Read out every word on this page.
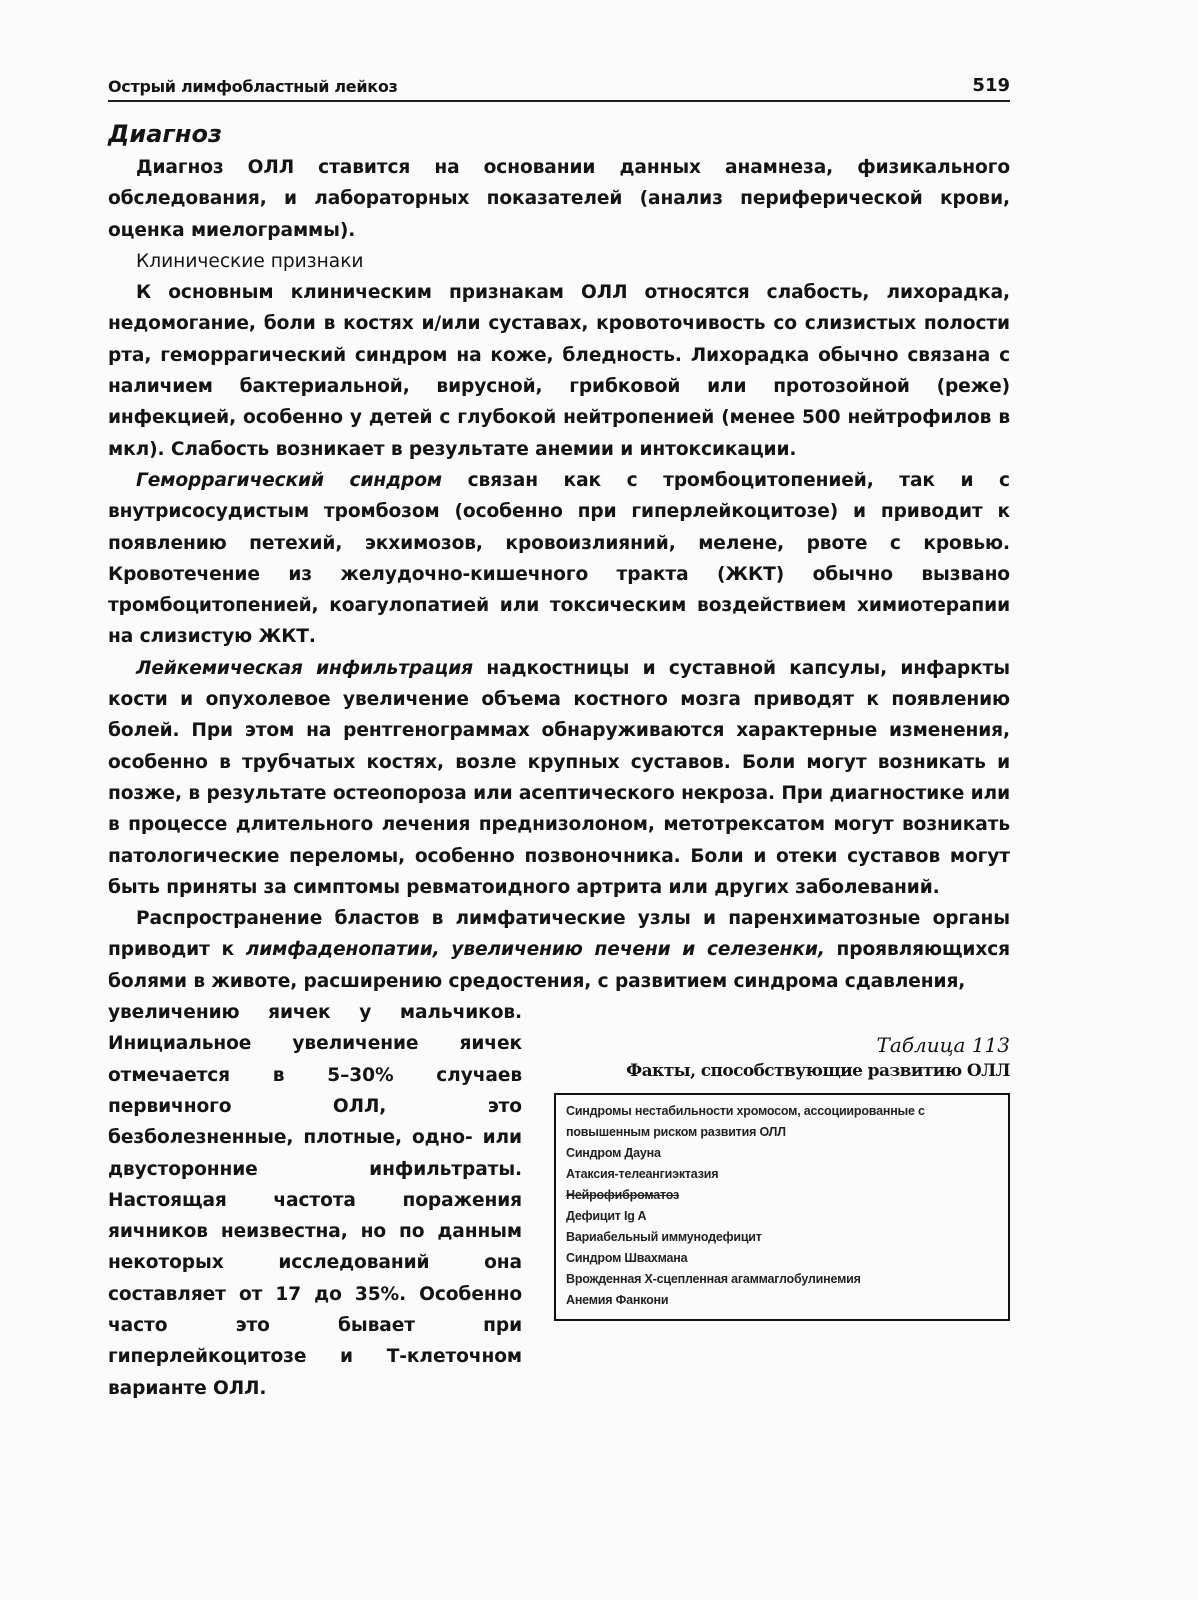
Острый лимфобластный лейкоз	519
Диагноз

Диагноз ОЛЛ ставится на основании данных анамнеза, физикального обследования, и лабораторных показателей (анализ периферической крови, оценка миелограммы).

Клинические признаки

К основным клиническим признакам ОЛЛ относятся слабость, лихорадка, недомогание, боли в костях и/или суставах, кровоточивость со слизистых полости рта, геморрагический синдром на коже, бледность. Лихорадка обычно связана с наличием бактериальной, вирусной, грибковой или протозойной (реже) инфекцией, особенно у детей с глубокой нейтропенией (менее 500 нейтрофилов в мкл). Слабость возникает в результате анемии и интоксикации.

Геморрагический синдром связан как с тромбоцитопенией, так и с внутрисосудистым тромбозом (особенно при гиперлейкоцитозе) и приводит к появлению петехий, экхимозов, кровоизлияний, мелене, рвоте с кровью. Кровотечение из желудочно-кишечного тракта (ЖКТ) обычно вызвано тромбоцитопенией, коагулопатией или токсическим воздействием химиотерапии на слизистую ЖКТ.

Лейкемическая инфильтрация надкостницы и суставной капсулы, инфаркты кости и опухолевое увеличение объема костного мозга приводят к появлению болей. При этом на рентгенограммах обнаруживаются характерные изменения, особенно в трубчатых костях, возле крупных суставов. Боли могут возникать и позже, в результате остеопороза или асептического некроза. При диагностике или в процессе длительного лечения преднизолоном, метотрексатом могут возникать патологические переломы, особенно позвоночника. Боли и отеки суставов могут быть приняты за симптомы ревматоидного артрита или других заболеваний.

Распространение бластов в лимфатические узлы и паренхиматозные органы приводит к лимфаденопатии, увеличению печени и селезенки, проявляющихся болями в животе, расширению средостения, с развитием синдрома сдавления,

увеличению яичек у мальчиков. Инициальное увеличение яичек отмечается в 5–30% случаев первичного ОЛЛ, это безболезненные, плотные, одно- или двусторонние инфильтраты. Настоящая частота поражения яичников неизвестна, но по данным некоторых исследований она составляет от 17 до 35%. Особенно часто это бывает при гиперлейкоцитозе и Т-клеточном варианте ОЛЛ.

Таблица 113
Факты, способствующие развитию ОЛЛ
Синдромы нестабильности хромосом, ассоциированные с повышенным риском развития ОЛЛ
Синдром Дауна
Атаксия-телеангиэктазия
Нейрофиброматоз
Дефицит Ig A
Вариабельный иммунодефицит
Синдром Швахмана
Врожденная Х-сцепленная агаммаглобулинемия
Анемия Фанкони
